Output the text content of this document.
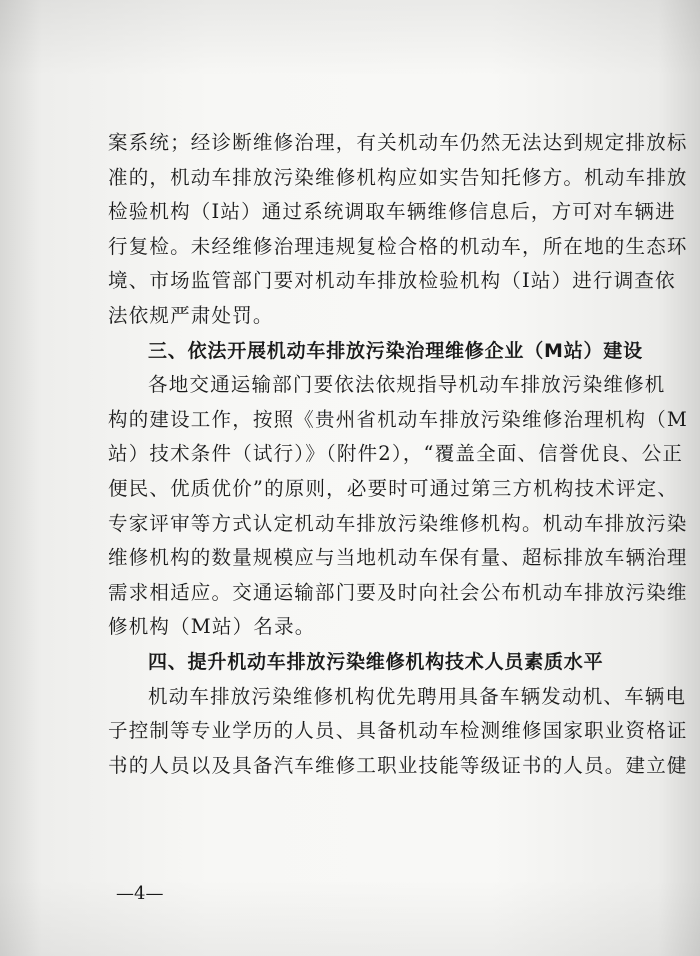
案系统；经诊断维修治理，有关机动车仍然无法达到规定排放标
准的，机动车排放污染维修机构应如实告知托修方。机动车排放
检验机构（I站）通过系统调取车辆维修信息后，方可对车辆进
行复检。未经维修治理违规复检合格的机动车，所在地的生态环
境、市场监管部门要对机动车排放检验机构（I站）进行调查依
法依规严肃处罚。
三、依法开展机动车排放污染治理维修企业（M站）建设
各地交通运输部门要依法依规指导机动车排放污染维修机
构的建设工作，按照《贵州省机动车排放污染维修治理机构（M
站）技术条件（试行）》（附件2），“覆盖全面、信誉优良、公正
便民、优质优价”的原则，必要时可通过第三方机构技术评定、
专家评审等方式认定机动车排放污染维修机构。机动车排放污染
维修机构的数量规模应与当地机动车保有量、超标排放车辆治理
需求相适应。交通运输部门要及时向社会公布机动车排放污染维
修机构（M站）名录。
四、提升机动车排放污染维修机构技术人员素质水平
机动车排放污染维修机构优先聘用具备车辆发动机、车辆电
子控制等专业学历的人员、具备机动车检测维修国家职业资格证
书的人员以及具备汽车维修工职业技能等级证书的人员。建立健
—4—
